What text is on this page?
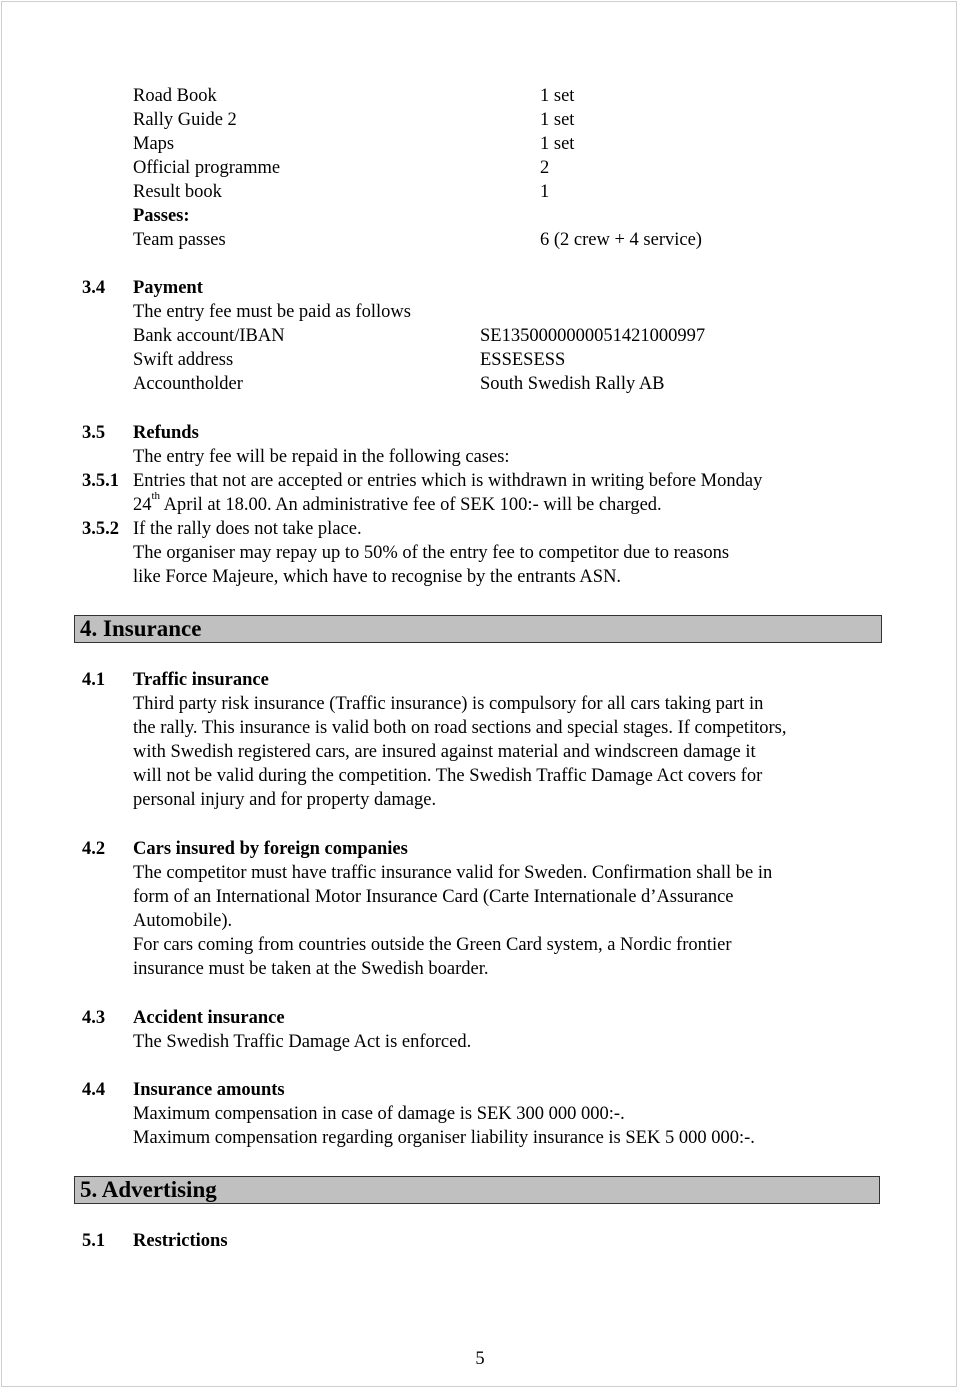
Road Book	1 set
Rally Guide 2	1 set
Maps	1 set
Official programme	2
Result book	1
Passes:
Team passes	6 (2 crew + 4 service)
3.4 Payment
The entry fee must be paid as follows
Bank account/IBAN	SE1350000000051421000997
Swift address	ESSESESS
Accountholder	South Swedish Rally AB
3.5 Refunds
The entry fee will be repaid in the following cases:
3.5.1 Entries that not are accepted or entries which is withdrawn in writing before Monday
24th April at 18.00. An administrative fee of SEK 100:- will be charged.
3.5.2 If the rally does not take place.
The organiser may repay up to 50% of the entry fee to competitor due to reasons
like Force Majeure, which have to recognise by the entrants ASN.
4. Insurance
4.1 Traffic insurance
Third party risk insurance (Traffic insurance) is compulsory for all cars taking part in
the rally. This insurance is valid both on road sections and special stages. If competitors,
with Swedish registered cars, are insured against material and windscreen damage it
will not be valid during the competition. The Swedish Traffic Damage Act covers for
personal injury and for property damage.
4.2 Cars insured by foreign companies
The competitor must have traffic insurance valid for Sweden. Confirmation shall be in
form of an International Motor Insurance Card (Carte Internationale d’Assurance
Automobile).
For cars coming from countries outside the Green Card system, a Nordic frontier
insurance must be taken at the Swedish boarder.
4.3 Accident insurance
The Swedish Traffic Damage Act is enforced.
4.4 Insurance amounts
Maximum compensation in case of damage is SEK 300 000 000:-.
Maximum compensation regarding organiser liability insurance is SEK 5 000 000:-.
5. Advertising
5.1 Restrictions
5
